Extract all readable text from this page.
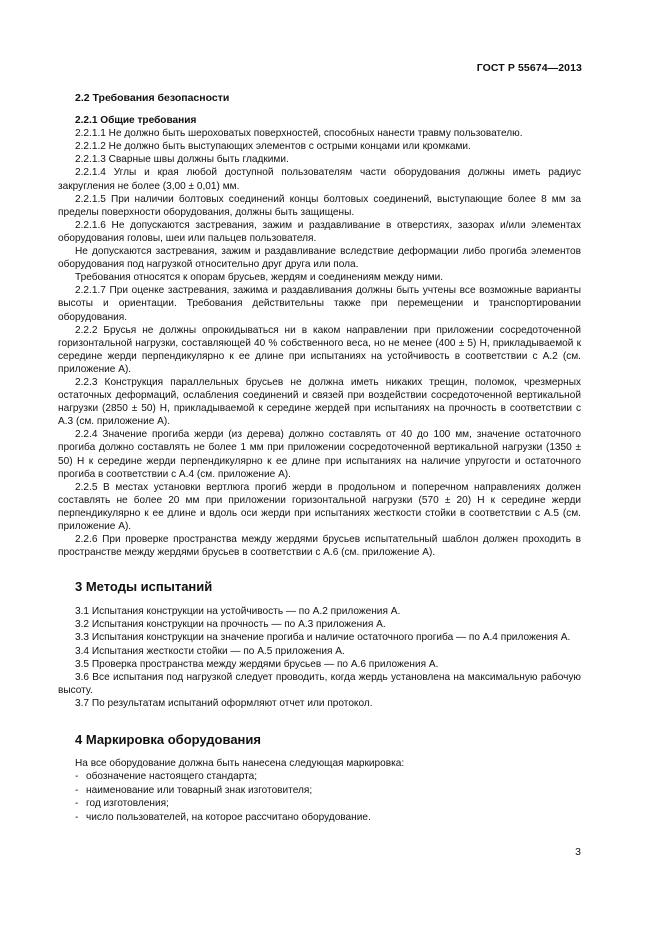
ГОСТ Р 55674—2013

2.2 Требования безопасности

2.2.1 Общие требования

2.2.1.1 Не должно быть шероховатых поверхностей, способных нанести травму пользователю.

2.2.1.2 Не должно быть выступающих элементов с острыми концами или кромками.

2.2.1.3 Сварные швы должны быть гладкими.

2.2.1.4 Углы и края любой доступной пользователям части оборудования должны иметь радиус закругления не более (3,00 ± 0,01) мм.

2.2.1.5 При наличии болтовых соединений концы болтовых соединений, выступающие более 8 мм за пределы поверхности оборудования, должны быть защищены.

2.2.1.6 Не допускаются застревания, зажим и раздавливание в отверстиях, зазорах и/или элементах оборудования головы, шеи или пальцев пользователя.

Не допускаются застревания, зажим и раздавливание вследствие деформации либо прогиба элементов оборудования под нагрузкой относительно друг друга или пола.

Требования относятся к опорам брусьев, жердям и соединениям между ними.

2.2.1.7 При оценке застревания, зажима и раздавливания должны быть учтены все возможные варианты высоты и ориентации. Требования действительны также при перемещении и транспортировании оборудования.

2.2.2 Брусья не должны опрокидываться ни в каком направлении при приложении сосредоточенной горизонтальной нагрузки, составляющей 40 % собственного веса, но не менее (400 ± 5) Н, прикладываемой к середине жерди перпендикулярно к ее длине при испытаниях на устойчивость в соответствии с А.2 (см. приложение А).

2.2.3 Конструкция параллельных брусьев не должна иметь никаких трещин, поломок, чрезмерных остаточных деформаций, ослабления соединений и связей при воздействии сосредоточенной вертикальной нагрузки (2850 ± 50) Н, прикладываемой к середине жердей при испытаниях на прочность в соответствии с А.3 (см. приложение А).

2.2.4 Значение прогиба жерди (из дерева) должно составлять от 40 до 100 мм, значение остаточного прогиба должно составлять не более 1 мм при приложении сосредоточенной вертикальной нагрузки (1350 ± 50) Н к середине жерди перпендикулярно к ее длине при испытаниях на наличие упругости и остаточного прогиба в соответствии с А.4 (см. приложение А).

2.2.5 В местах установки вертлюга прогиб жерди в продольном и поперечном направлениях должен составлять не более 20 мм при приложении горизонтальной нагрузки (570 ± 20) Н к середине жерди перпендикулярно к ее длине и вдоль оси жерди при испытаниях жесткости стойки в соответствии с А.5 (см. приложение А).

2.2.6 При проверке пространства между жердями брусьев испытательный шаблон должен проходить в пространстве между жердями брусьев в соответствии с А.6 (см. приложение А).

3 Методы испытаний

3.1 Испытания конструкции на устойчивость — по А.2 приложения А.

3.2 Испытания конструкции на прочность — по А.3 приложения А.

3.3 Испытания конструкции на значение прогиба и наличие остаточного прогиба — по А.4 приложения А.

3.4 Испытания жесткости стойки — по А.5 приложения А.

3.5 Проверка пространства между жердями брусьев — по А.6 приложения А.

3.6 Все испытания под нагрузкой следует проводить, когда жердь установлена на максимальную рабочую высоту.

3.7 По результатам испытаний оформляют отчет или протокол.

4 Маркировка оборудования

На все оборудование должна быть нанесена следующая маркировка:

- обозначение настоящего стандарта;
- наименование или товарный знак изготовителя;
- год изготовления;
- число пользователей, на которое рассчитано оборудование.
3
